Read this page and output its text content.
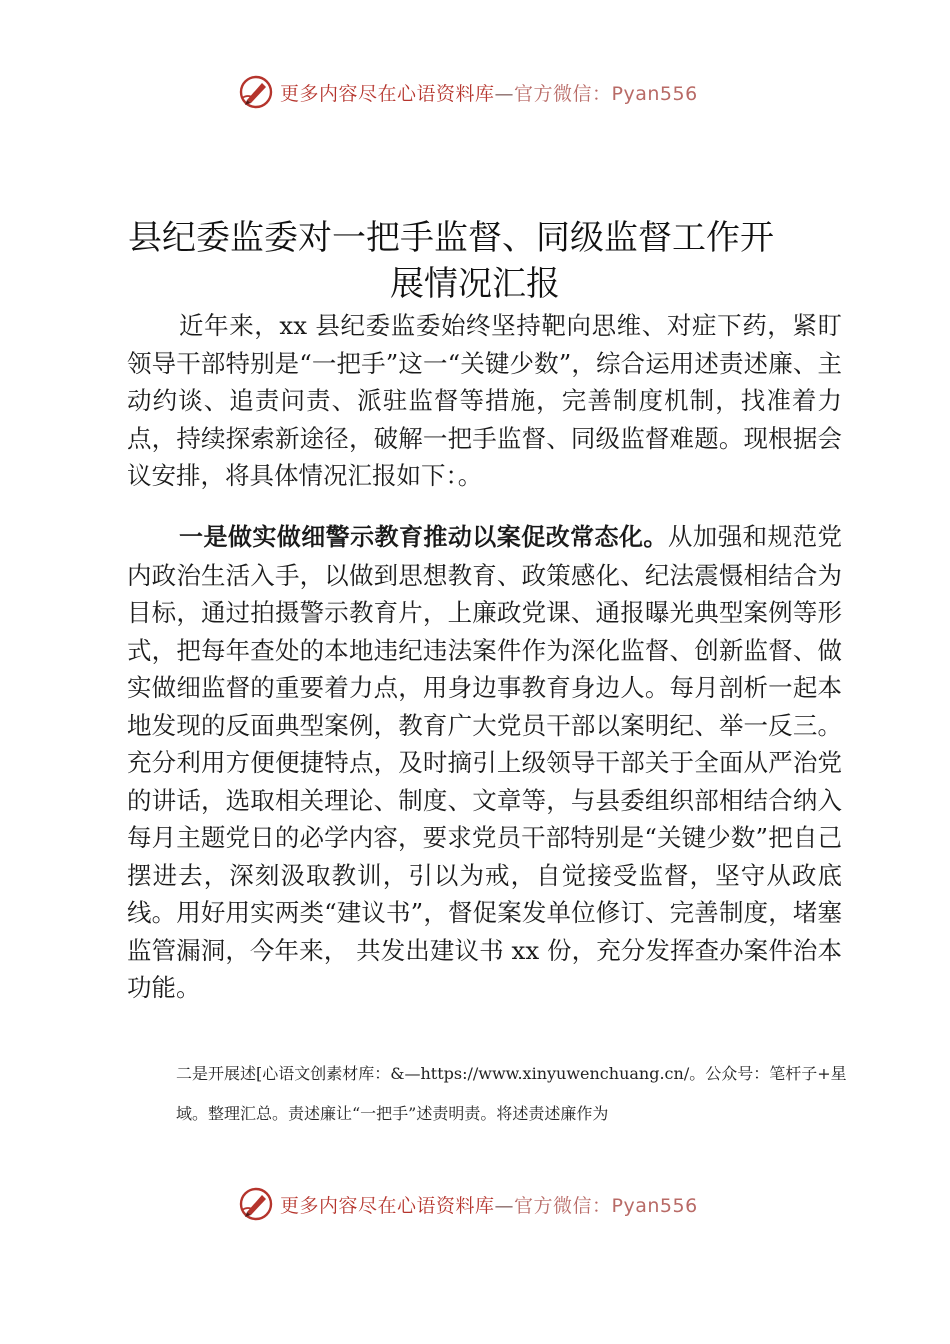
更多内容尽在心语资料库—官方微信：Pyan556
县纪委监委对一把手监督、同级监督工作开
展情况汇报

近年来，xx 县纪委监委始终坚持靶向思维、对症下药，紧盯领导干部特别是“一把手”这一“关键少数”，综合运用述责述廉、主动约谈、追责问责、派驻监督等措施，完善制度机制，找准着力点，持续探索新途径，破解一把手监督、同级监督难题。现根据会议安排，将具体情况汇报如下：。

一是做实做细警示教育推动以案促改常态化。从加强和规范党内政治生活入手，以做到思想教育、政策感化、纪法震慑相结合为目标，通过拍摄警示教育片，上廉政党课、通报曝光典型案例等形式，把每年查处的本地违纪违法案件作为深化监督、创新监督、做实做细监督的重要着力点，用身边事教育身边人。每月剖析一起本地发现的反面典型案例，教育广大党员干部以案明纪、举一反三。充分利用方便便捷特点，及时摘引上级领导干部关于全面从严治党的讲话，选取相关理论、制度、文章等，与县委组织部相结合纳入每月主题党日的必学内容，要求党员干部特别是“关键少数”把自己摆进去，深刻汲取教训，引以为戒，自觉接受监督，坚守从政底线。用好用实两类“建议书”，督促案发单位修订、完善制度，堵塞监管漏洞，今年来， 共发出建议书 xx 份，充分发挥查办案件治本功能。

二是开展述[心语文创素材库：&—https://www.xinyuwenchuang.cn/。公众号：笔杆子+星域。整理汇总。责述廉让“一把手”述责明责。将述责述廉作为

更多内容尽在心语资料库—官方微信：Pyan556
